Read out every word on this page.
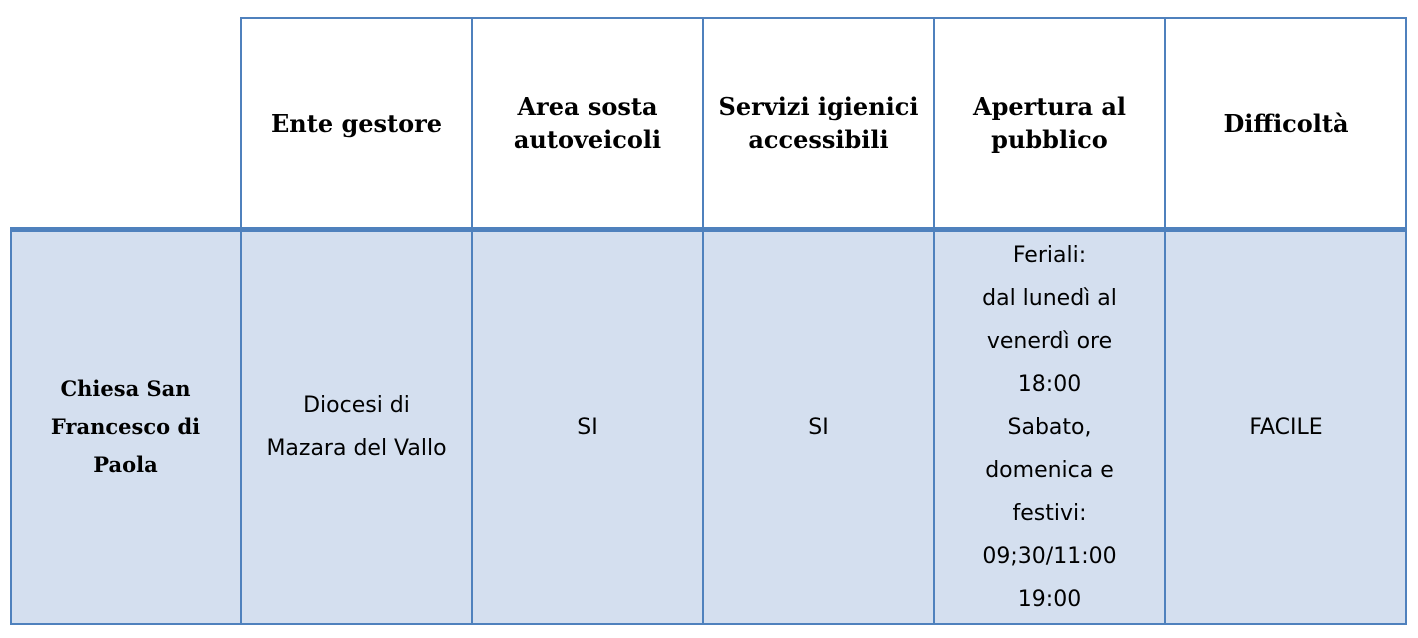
Ente gestore
Area sosta
autoveicoli
Servizi igienici
accessibili
Apertura al
pubblico
Difficoltà
Chiesa San
Francesco di
Paola
Diocesi di
Mazara del Vallo
SI	SI
Feriali:
dal lunedì al
venerdì ore
18:00
Sabato,
domenica e
festivi:
09;30/11:00
19:00
FACILE
